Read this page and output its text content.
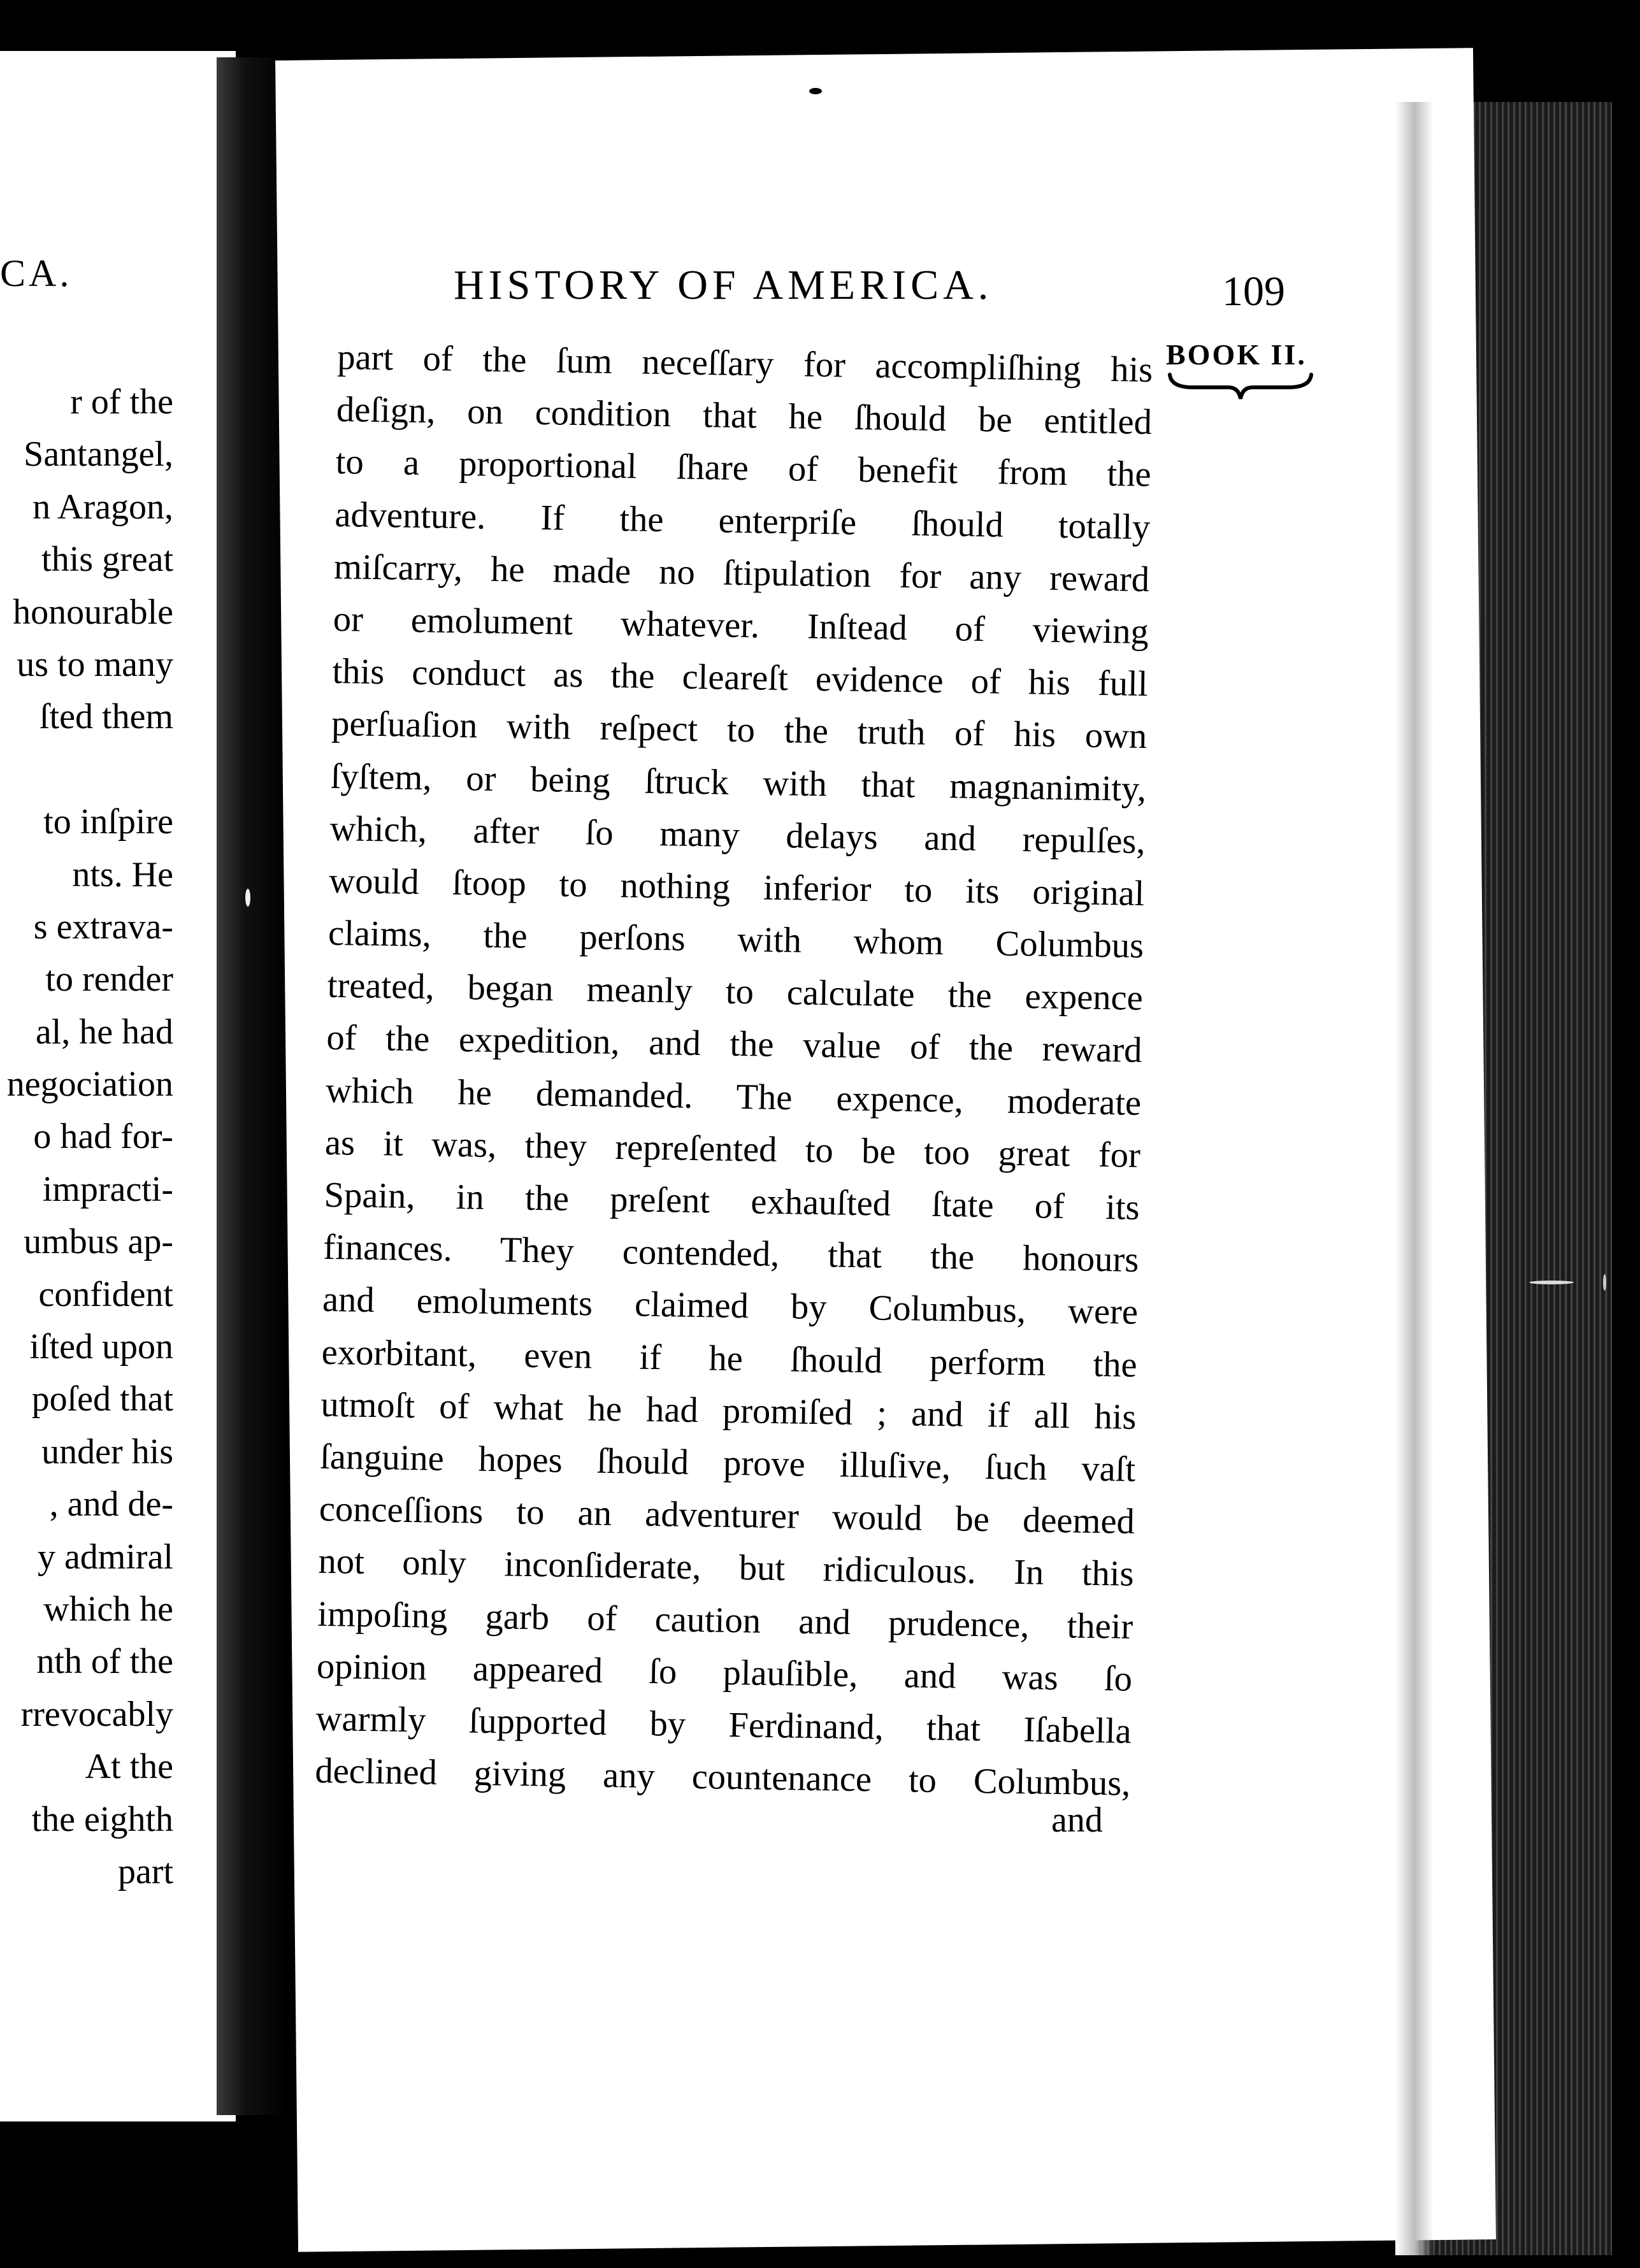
CA.
r of the
Santangel,
n Aragon,
this great
honourable
us to many
ſted them
to inſpire
nts. He
s extrava-
to render
al, he had
negociation
o had for-
impracti-
umbus ap-
confident
iſted upon
poſed that
under his
, and de-
y admiral
which he
nth of the
rrevocably
At the
the eighth
part
HISTORY OF AMERICA.	109
BOOK II.
part of the ſum neceſſary for accompliſhing his
deſign, on condition that he ſhould be entitled
to a proportional ſhare of benefit from the
adventure. If the enterpriſe ſhould totally
miſcarry, he made no ſtipulation for any reward
or emolument whatever. Inſtead of viewing
this conduct as the cleareſt evidence of his full
perſuaſion with reſpect to the truth of his own
ſyſtem, or being ſtruck with that magnanimity,
which, after ſo many delays and repulſes,
would ſtoop to nothing inferior to its original
claims, the perſons with whom Columbus
treated, began meanly to calculate the expence
of the expedition, and the value of the reward
which he demanded. The expence, moderate
as it was, they repreſented to be too great for
Spain, in the preſent exhauſted ſtate of its
finances. They contended, that the honours
and emoluments claimed by Columbus, were
exorbitant, even if he ſhould perform the
utmoſt of what he had promiſed ; and if all his
ſanguine hopes ſhould prove illuſive, ſuch vaſt
conceſſions to an adventurer would be deemed
not only inconſiderate, but ridiculous. In this
impoſing garb of caution and prudence, their
opinion appeared ſo plauſible, and was ſo
warmly ſupported by Ferdinand, that Iſabella
declined giving any countenance to Columbus,
and
